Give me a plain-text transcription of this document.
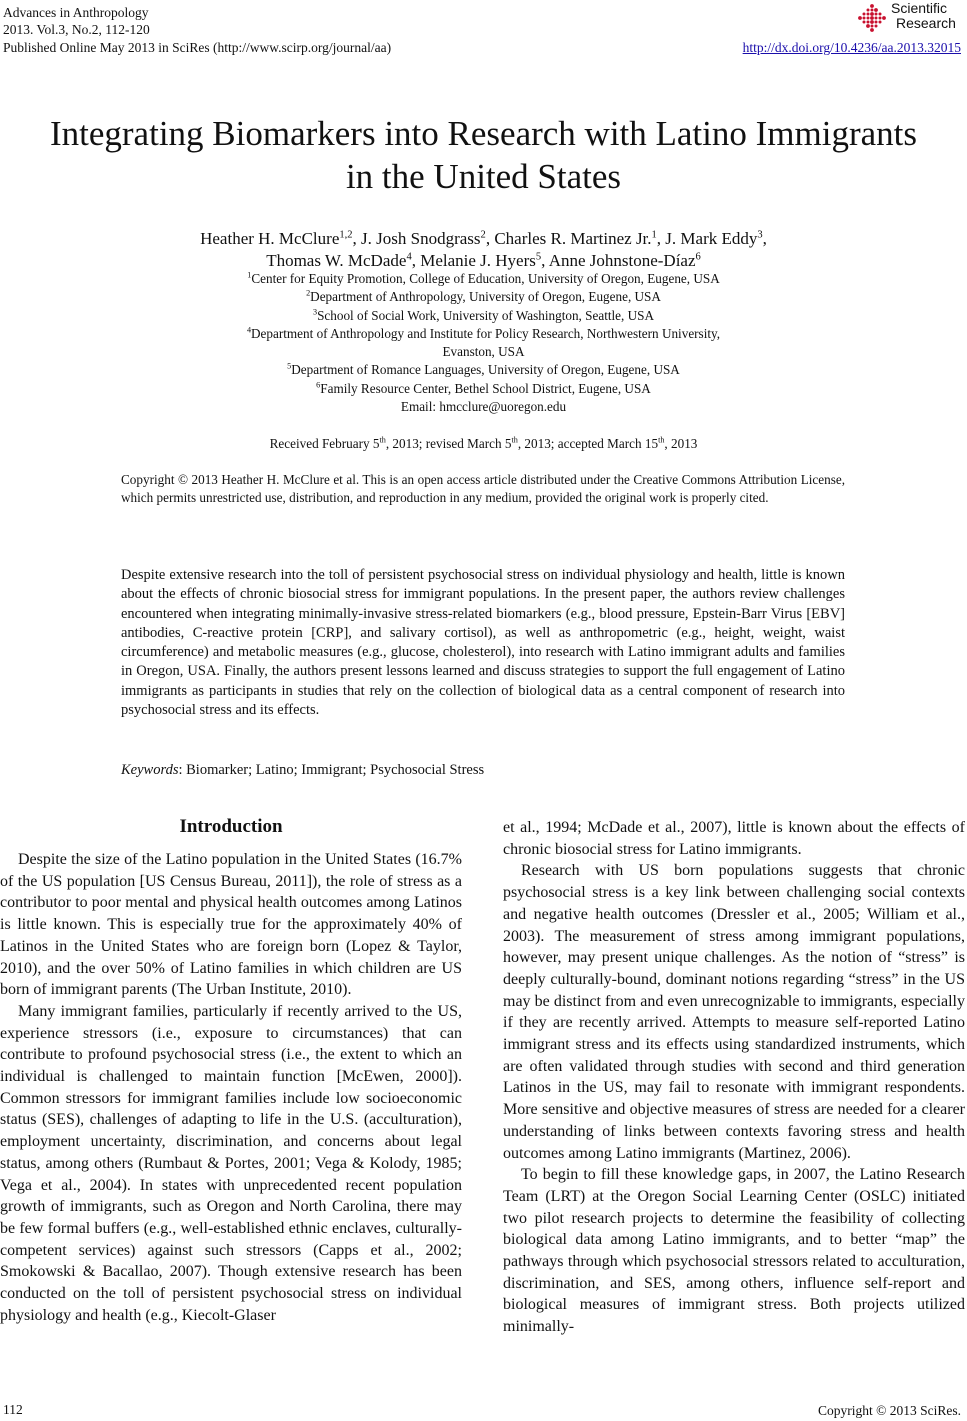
Advances in Anthropology
2013. Vol.3, No.2, 112-120
Published Online May 2013 in SciRes (http://www.scirp.org/journal/aa)	http://dx.doi.org/10.4236/aa.2013.32015
Scientific
Research
Integrating Biomarkers into Research with Latino Immigrants
in the United States
Heather H. McClure$^{1,2}$, J. Josh Snodgrass$^2$, Charles R. Martinez Jr.$^1$, J. Mark Eddy$^3$,
Thomas W. McDade$^4$, Melanie J. Hyers$^5$, Anne Johnstone-Díaz$^6$
$^1$Center for Equity Promotion, College of Education, University of Oregon, Eugene, USA
$^2$Department of Anthropology, University of Oregon, Eugene, USA
$^3$School of Social Work, University of Washington, Seattle, USA
$^4$Department of Anthropology and Institute for Policy Research, Northwestern University,
Evanston, USA
$^5$Department of Romance Languages, University of Oregon, Eugene, USA
$^6$Family Resource Center, Bethel School District, Eugene, USA
Email: hmcclure@uoregon.edu
Received February 5th, 2013; revised March 5th, 2013; accepted March 15th, 2013
Copyright © 2013 Heather H. McClure et al. This is an open access article distributed under the Creative Commons Attribution License, which permits unrestricted use, distribution, and reproduction in any medium, provided the original work is properly cited.
Despite extensive research into the toll of persistent psychosocial stress on individual physiology and health, little is known about the effects of chronic biosocial stress for immigrant populations. In the present paper, the authors review challenges encountered when integrating minimally-invasive stress-related biomarkers (e.g., blood pressure, Epstein-Barr Virus [EBV] antibodies, C-reactive protein [CRP], and salivary cortisol), as well as anthropometric (e.g., height, weight, waist circumference) and metabolic measures (e.g., glucose, cholesterol), into research with Latino immigrant adults and families in Oregon, USA. Finally, the authors present lessons learned and discuss strategies to support the full engagement of Latino immigrants as participants in studies that rely on the collection of biological data as a central component of research into psychosocial stress and its effects.
Keywords: Biomarker; Latino; Immigrant; Psychosocial Stress
Introduction

Despite the size of the Latino population in the United States (16.7% of the US population [US Census Bureau, 2011]), the role of stress as a contributor to poor mental and physical health outcomes among Latinos is little known. This is especially true for the approximately 40% of Latinos in the United States who are foreign born (Lopez & Taylor, 2010), and the over 50% of Latino families in which children are US born of immigrant parents (The Urban Institute, 2010).

Many immigrant families, particularly if recently arrived to the US, experience stressors (i.e., exposure to circumstances) that can contribute to profound psychosocial stress (i.e., the extent to which an individual is challenged to maintain function [McEwen, 2000]). Common stressors for immigrant families include low socioeconomic status (SES), challenges of adapting to life in the U.S. (acculturation), employment uncertainty, discrimination, and concerns about legal status, among others (Rumbaut & Portes, 2001; Vega & Kolody, 1985; Vega et al., 2004). In states with unprecedented recent population growth of immigrants, such as Oregon and North Carolina, there may be few formal buffers (e.g., well-established ethnic enclaves, culturally-competent services) against such stressors (Capps et al., 2002; Smokowski & Bacallao, 2007). Though extensive research has been conducted on the toll of persistent psychosocial stress on individual physiology and health (e.g., Kiecolt-Glaser

et al., 1994; McDade et al., 2007), little is known about the effects of chronic biosocial stress for Latino immigrants.

Research with US born populations suggests that chronic psychosocial stress is a key link between challenging social contexts and negative health outcomes (Dressler et al., 2005; William et al., 2003). The measurement of stress among immigrant populations, however, may present unique challenges. As the notion of “stress” is deeply culturally-bound, dominant notions regarding “stress” in the US may be distinct from and even unrecognizable to immigrants, especially if they are recently arrived. Attempts to measure self-reported Latino immigrant stress and its effects using standardized instruments, which are often validated through studies with second and third generation Latinos in the US, may fail to resonate with immigrant respondents. More sensitive and objective measures of stress are needed for a clearer understanding of links between contexts favoring stress and health outcomes among Latino immigrants (Martinez, 2006).

To begin to fill these knowledge gaps, in 2007, the Latino Research Team (LRT) at the Oregon Social Learning Center (OSLC) initiated two pilot research projects to determine the feasibility of collecting biological data among Latino immigrants, and to better “map” the pathways through which psychosocial stressors related to acculturation, discrimination, and SES, among others, influence self-report and biological measures of immigrant stress. Both projects utilized minimally-

112	Copyright © 2013 SciRes.
